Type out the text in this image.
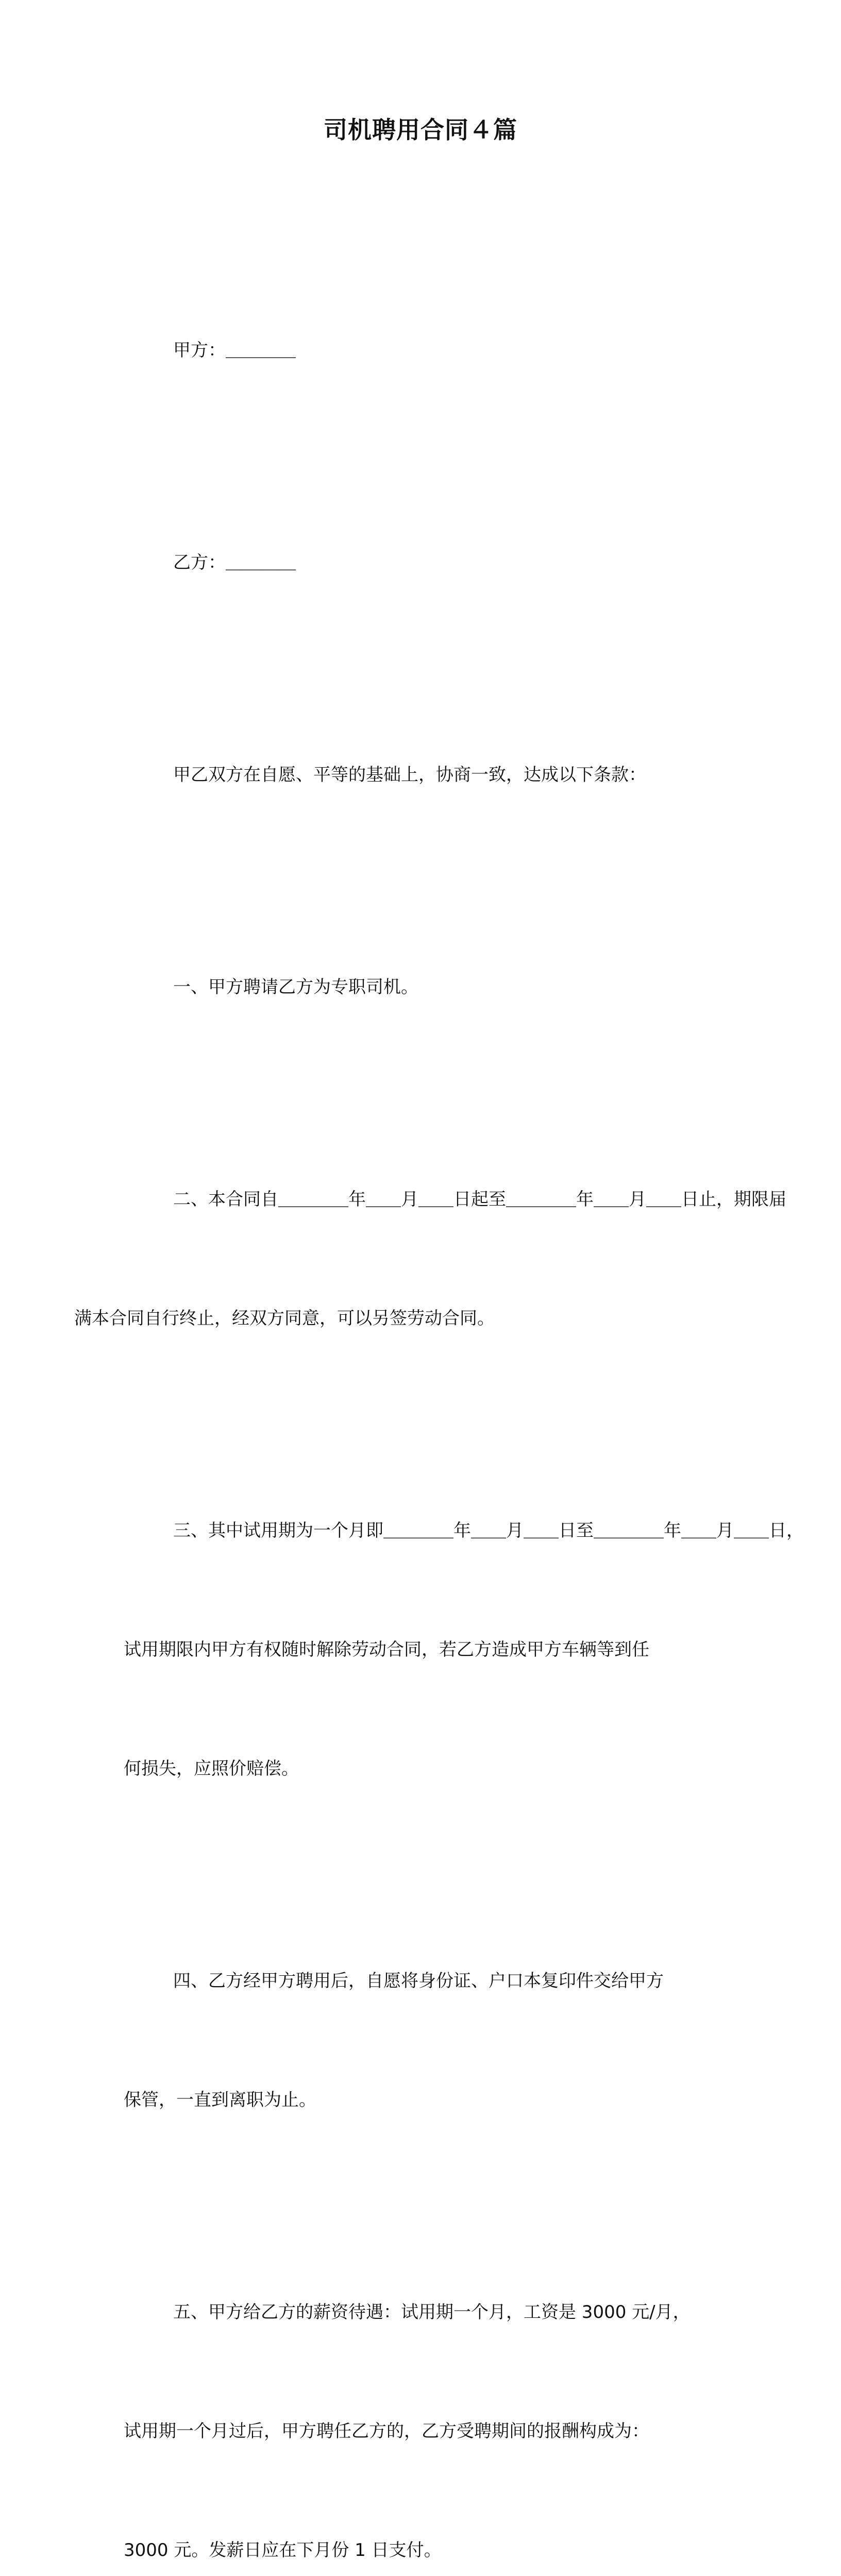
司机聘用合同４篇

甲方：＿＿＿＿

乙方：＿＿＿＿

甲乙双方在自愿、平等的基础上，协商一致，达成以下条款：

一、甲方聘请乙方为专职司机。

二、本合同自＿＿＿＿年＿＿月＿＿日起至＿＿＿＿年＿＿月＿＿日止，期限届

满本合同自行终止，经双方同意，可以另签劳动合同。

三、其中试用期为一个月即＿＿＿＿年＿＿月＿＿日至＿＿＿＿年＿＿月＿＿日，

试用期限内甲方有权随时解除劳动合同，若乙方造成甲方车辆等到任

何损失，应照价赔偿。

四、乙方经甲方聘用后，自愿将身份证、户口本复印件交给甲方

保管，一直到离职为止。

五、甲方给乙方的薪资待遇：试用期一个月，工资是 3000 元/月，

试用期一个月过后，甲方聘任乙方的，乙方受聘期间的报酬构成为：

3000 元。发薪日应在下月份 1 日支付。
